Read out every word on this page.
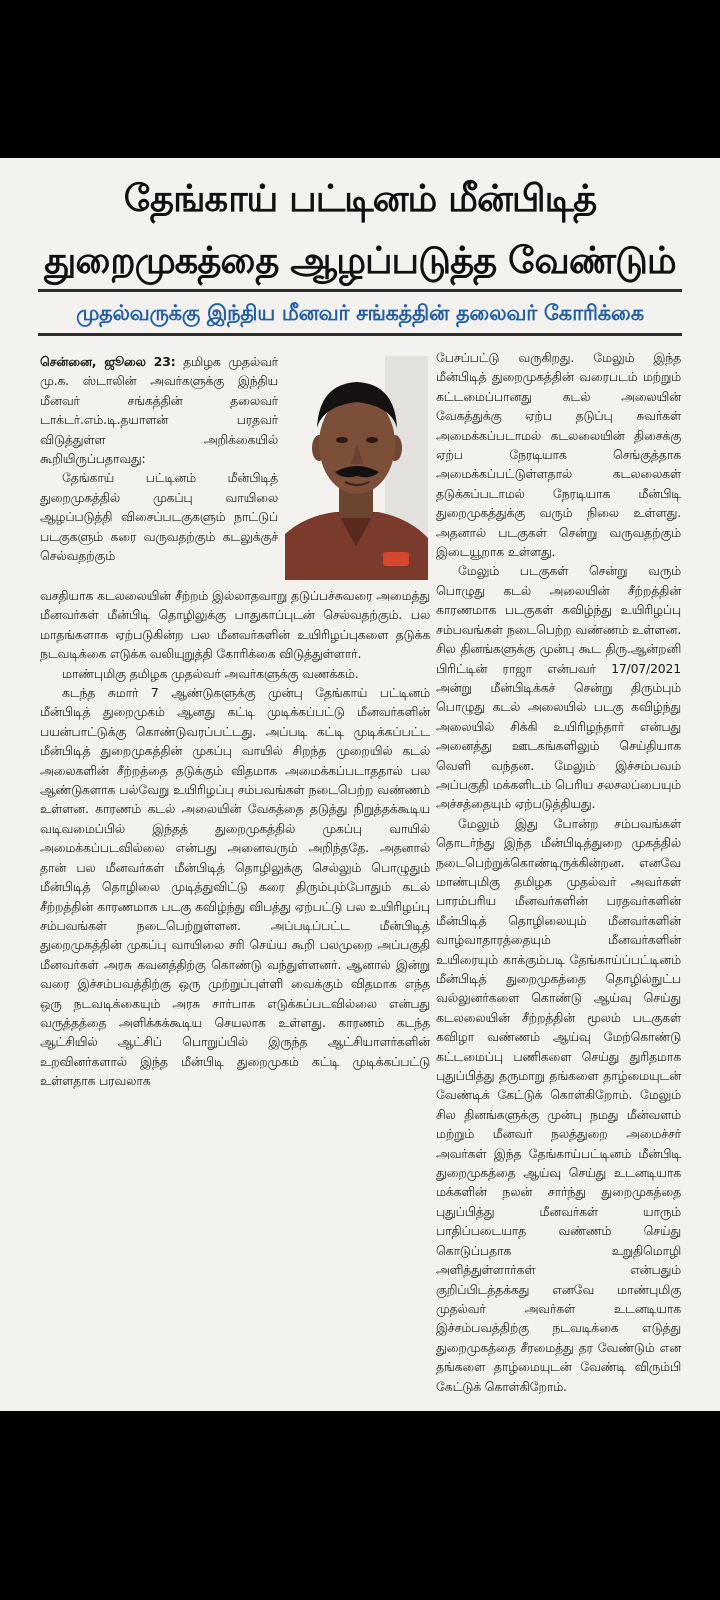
தேங்காய் பட்டினம் மீன்பிடித்
துறைமுகத்தை ஆழப்படுத்த வேண்டும்
முதல்வருக்கு இந்திய மீனவர் சங்கத்தின் தலைவர் கோரிக்கை

சென்னை, ஜூலை 23: தமிழக முதல்வர் மு.க. ஸ்டாலின் அவர்களுக்கு இந்திய மீனவர் சங்கத்தின் தலைவர் டாக்டர்.எம்.டி.தயாளன் பரதவர் விடுத்துள்ள அறிக்கையில் கூறியிருப்பதாவது:

தேங்காய் பட்டினம் மீன்பிடித் துறைமுகத்தில் முகப்பு வாயிலை ஆழப்படுத்தி விசைப்படகுகளும் நாட்டுப் படகுகளும் கரை வருவதற்கும் கடலுக்குச் செல்வதற்கும்

வசதியாக கடலலையின் சீற்றம் இல்லாதவாறு தடுப்பச்சுவரை அமைத்து மீனவர்கள் மீன்பிடி தொழிலுக்கு பாதுகாப்புடன் செல்வதற்கும். பல மாதங்களாக ஏற்படுகின்ற பல மீனவர்களின் உயிரிழப்புகளை தடுக்க நடவடிக்கை எடுக்க வலியுறுத்தி கோரிக்கை விடுத்துள்ளார்.

மாண்புமிகு தமிழக முதல்வர் அவர்களுக்கு வணக்கம்.

கடந்த சுமார் 7 ஆண்டுகளுக்கு முன்பு தேங்காய் பட்டினம் மீன்பிடித் துறைமுகம் ஆனது கட்டி முடிக்கப்பட்டு மீனவர்களின் பயன்பாட்டுக்கு கொண்டுவரப்பட்டது. அப்படி கட்டி முடிக்கப்பட்ட மீன்பிடித் துறைமுகத்தின் முகப்பு வாயில் சிறந்த முறையில் கடல் அலைகளின் சீற்றத்தை தடுக்கும் விதமாக அமைக்கப்படாததால் பல ஆண்டுகளாக பல்வேறு உயிரிழப்பு சம்பவங்கள் நடைபெற்ற வண்ணம் உள்ளன. காரணம் கடல் அலையின் வேகத்தை தடுத்து நிறுத்தக்கூடிய வடிவமைப்பில் இந்தத் துறைமுகத்தில் முகப்பு வாயில் அமைக்கப்படவில்லை என்பது அனைவரும் அறிந்ததே. அதனால் தான் பல மீனவர்கள் மீன்பிடித் தொழிலுக்கு செல்லும் பொழுதும் மீன்பிடித் தொழிலை முடித்துவிட்டு கரை திரும்பும்போதும் கடல் சீற்றத்தின் காரணமாக படகு கவிழ்ந்து விபத்து ஏற்பட்டு பல உயிரிழப்பு சம்பவங்கள் நடைபெற்றுள்ளன. அப்படிப்பட்ட மீன்பிடித் துறைமுகத்தின் முகப்பு வாயிலை சரி செய்ய கூறி பலமுறை அப்பகுதி மீனவர்கள் அரசு கவனத்திற்கு கொண்டு வந்துள்ளனர். ஆனால் இன்று வரை இச்சம்பவத்திற்கு ஒரு முற்றுப்புள்ளி வைக்கும் விதமாக எந்த ஒரு நடவடிக்கையும் அரசு சார்பாக எடுக்கப்படவில்லை என்பது வருத்தத்தை அளிக்கக்கூடிய செயலாக உள்ளது. காரணம் கடந்த ஆட்சியில் ஆட்சிப் பொறுப்பில் இருந்த ஆட்சியாளர்களின் உறவினர்களால் இந்த மீன்பிடி துறைமுகம் கட்டி முடிக்கப்பட்டு உள்ளதாக பரவலாக

பேசப்பட்டு வருகிறது. மேலும் இந்த மீன்பிடித் துறைமுகத்தின் வரைபடம் மற்றும் கட்டமைப்பானது கடல் அலையின் வேகத்துக்கு ஏற்ப தடுப்பு சுவர்கள் அமைக்கப்படாமல் கடலலையின் திசைக்கு ஏற்ப நேரடியாக செங்குத்தாக அமைக்கப்பட்டுள்ளதால் கடலலைகள் தடுக்கப்படாமல் நேரடியாக மீன்பிடி துறைமுகத்துக்கு வரும் நிலை உள்ளது. அதனால் படகுகள் சென்று வருவதற்கும் இடையூறாக உள்ளது.

மேலும் படகுகள் சென்று வரும் பொழுது கடல் அலையின் சீற்றத்தின் காரணமாக படகுகள் கவிழ்ந்து உயிரிழப்பு சம்பவங்கள் நடைபெற்ற வண்ணம் உள்ளன. சில தினங்களுக்கு முன்பு கூட திரு.ஆன்றனி பிரிட்டின் ராஜா என்பவர் 17/07/2021 அன்று மீன்பிடிக்கச் சென்று திரும்பும் பொழுது கடல் அலையில் படகு கவிழ்ந்து அலையில் சிக்கி உயிரிழந்தார் என்பது அனைத்து ஊடகங்களிலும் செய்தியாக வெளி வந்தன. மேலும் இச்சம்பவம் அப்பகுதி மக்களிடம் பெரிய சலசலப்பையும் அச்சத்தையும் ஏற்படுத்தியது.

மேலும் இது போன்ற சம்பவங்கள் தொடர்ந்து இந்த மீன்பிடித்துறை முகத்தில் நடைபெற்றுக்கொண்டிருக்கின்றன. எனவே மாண்புமிகு தமிழக முதல்வர் அவர்கள் பாரம்பரிய மீனவர்களின் பரதவர்களின் மீன்பிடித் தொழிலையும் மீனவர்களின் வாழ்வாதாரத்தையும் மீனவர்களின் உயிரையும் காக்கும்படி தேங்காய்ப்பட்டினம் மீன்பிடித் துறைமுகத்தை தொழில்நுட்ப வல்லுனர்களை கொண்டு ஆய்வு செய்து கடலலையின் சீற்றத்தின் மூலம் படகுகள் கவிழா வண்ணம் ஆய்வு மேற்கொண்டு கட்டமைப்பு பணிகளை செய்து துரிதமாக புதுப்பித்து தருமாறு தங்களை தாழ்மையுடன் வேண்டிக் கேட்டுக் கொள்கிறோம். மேலும் சில தினங்களுக்கு முன்பு நமது மீன்வளம் மற்றும் மீனவர் நலத்துறை அமைச்சர் அவர்கள் இந்த தேங்காய்பட்டினம் மீன்பிடி துறைமுகத்தை ஆய்வு செய்து உடனடியாக மக்களின் நலன் சார்ந்து துறைமுகத்தை புதுப்பித்து மீனவர்கள் யாரும் பாதிப்படையாத வண்ணம் செய்து கொடுப்பதாக உறுதிமொழி அளித்துள்ளார்கள் என்பதும் குறிப்பிடத்தக்கது எனவே மாண்புமிகு முதல்வர் அவர்கள் உடனடியாக இச்சம்பவத்திற்கு நடவடிக்கை எடுத்து துறைமுகத்தை சீரமைத்து தர வேண்டும் என தங்களை தாழ்மையுடன் வேண்டி விரும்பி கேட்டுக் கொள்கிறோம்.
